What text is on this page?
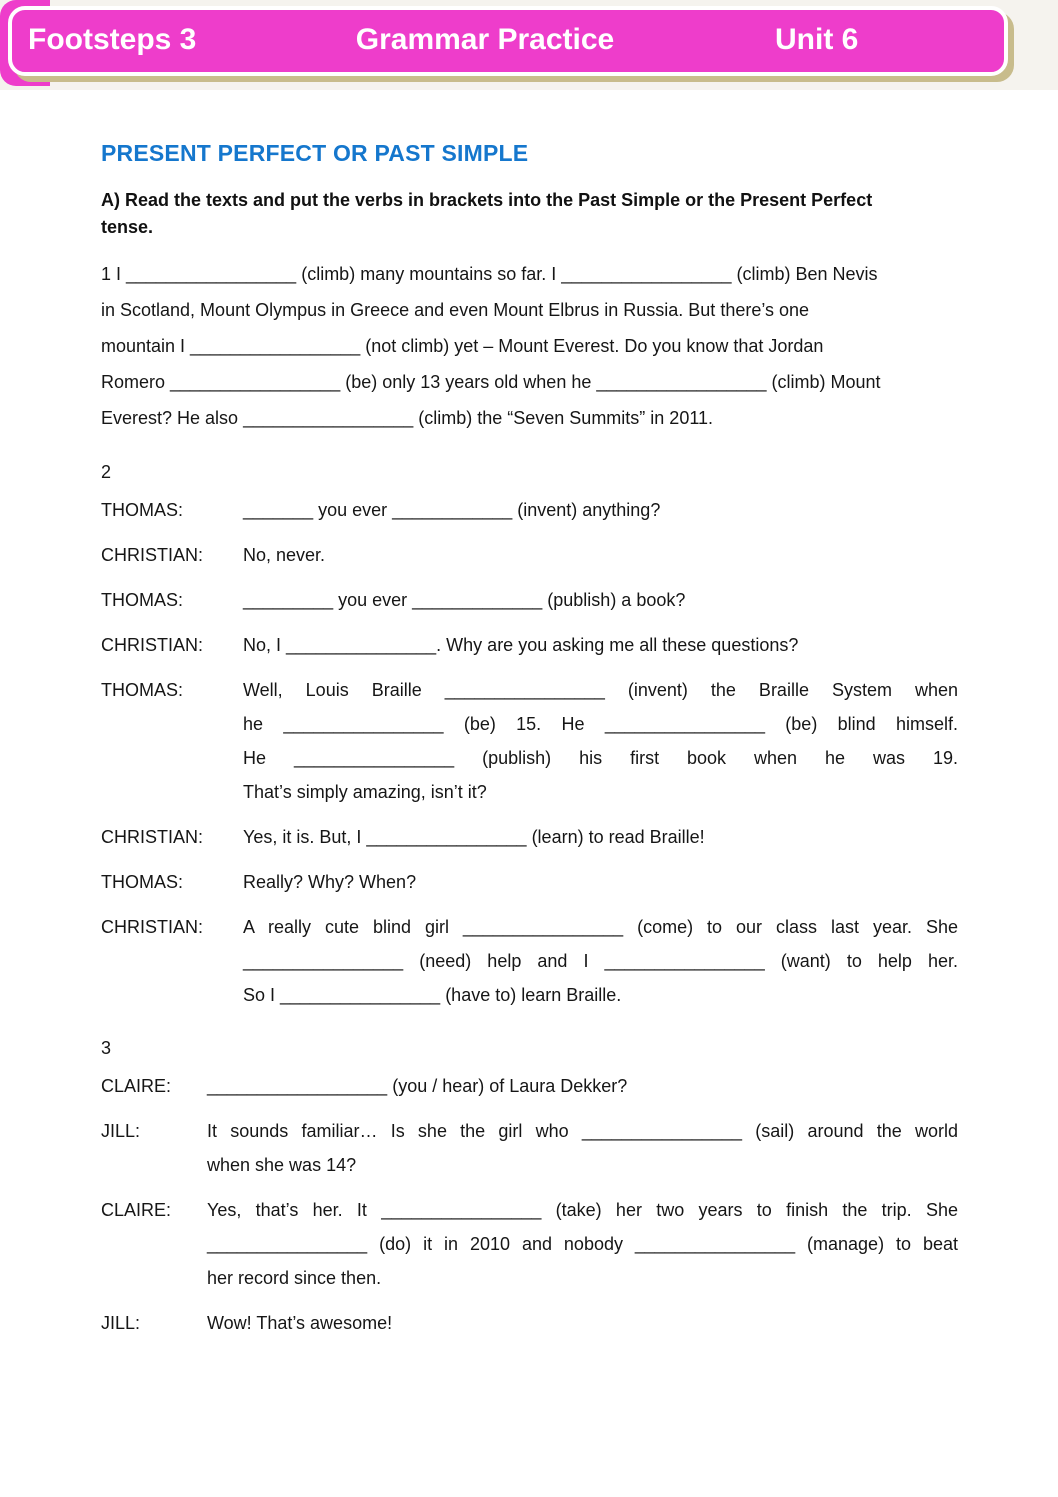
Footsteps 3	Grammar Practice	Unit 6
PRESENT PERFECT OR PAST SIMPLE
A) Read the texts and put the verbs in brackets into the Past Simple or the Present Perfect
tense.
1 I _________________ (climb) many mountains so far. I _________________ (climb) Ben Nevis
in Scotland, Mount Olympus in Greece and even Mount Elbrus in Russia. But there’s one
mountain I _________________ (not climb) yet – Mount Everest. Do you know that Jordan
Romero _________________ (be) only 13 years old when he _________________ (climb) Mount
Everest? He also _________________ (climb) the “Seven Summits” in 2011.
2
THOMAS:	_______ you ever ____________ (invent) anything?
CHRISTIAN:	No, never.
THOMAS:	_________ you ever _____________ (publish) a book?
CHRISTIAN:	No, I _______________. Why are you asking me all these questions?
THOMAS:	Well, Louis Braille ________________ (invent) the Braille System when
he ________________ (be) 15. He ________________ (be) blind himself.
He ________________ (publish) his first book when he was 19.
That’s simply amazing, isn’t it?
CHRISTIAN:	Yes, it is. But, I ________________ (learn) to read Braille!
THOMAS:	Really? Why? When?
CHRISTIAN:	A really cute blind girl ________________ (come) to our class last year. She
________________ (need) help and I ________________ (want) to help her.
So I ________________ (have to) learn Braille.
3
CLAIRE:	__________________ (you / hear) of Laura Dekker?
JILL:	It sounds familiar… Is she the girl who ________________ (sail) around the world
when she was 14?
CLAIRE:	Yes, that’s her. It ________________ (take) her two years to finish the trip. She
________________ (do) it in 2010 and nobody ________________ (manage) to beat
her record since then.
JILL:	Wow! That’s awesome!
